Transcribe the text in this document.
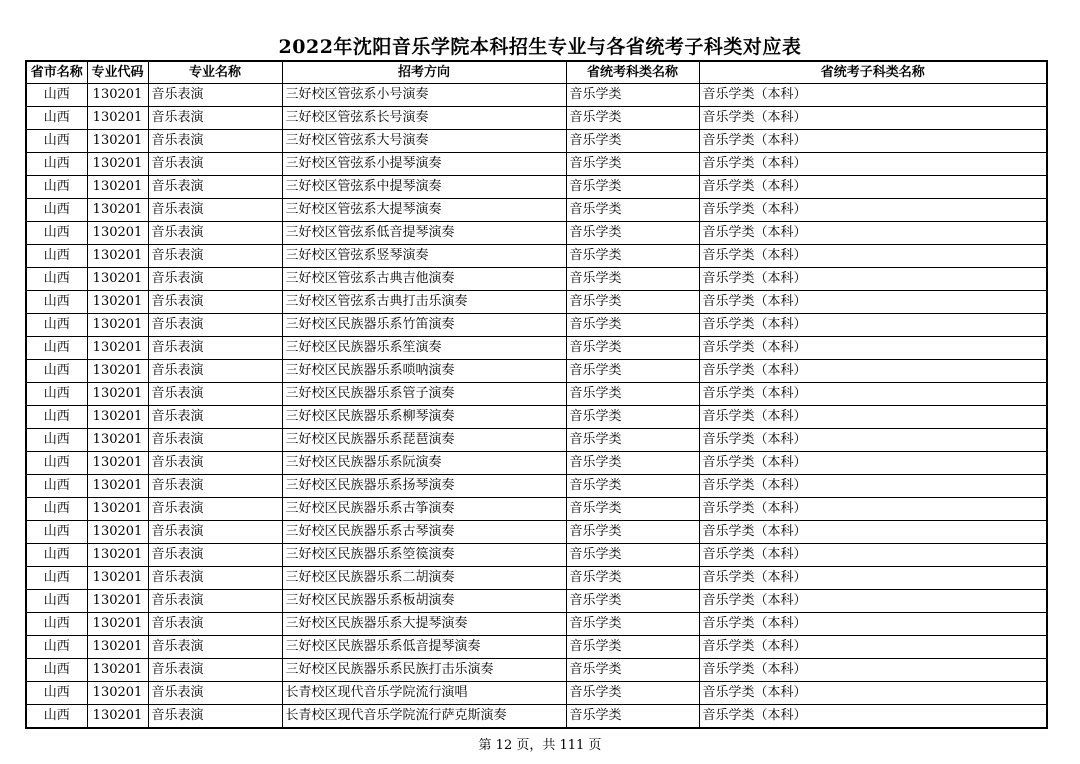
2022年沈阳音乐学院本科招生专业与各省统考子科类对应表
省市名称	专业代码	专业名称	招考方向	省统考科类名称	省统考子科类名称
山西	130201	音乐表演	三好校区管弦系小号演奏	音乐学类	音乐学类（本科）
山西	130201	音乐表演	三好校区管弦系长号演奏	音乐学类	音乐学类（本科）
山西	130201	音乐表演	三好校区管弦系大号演奏	音乐学类	音乐学类（本科）
山西	130201	音乐表演	三好校区管弦系小提琴演奏	音乐学类	音乐学类（本科）
山西	130201	音乐表演	三好校区管弦系中提琴演奏	音乐学类	音乐学类（本科）
山西	130201	音乐表演	三好校区管弦系大提琴演奏	音乐学类	音乐学类（本科）
山西	130201	音乐表演	三好校区管弦系低音提琴演奏	音乐学类	音乐学类（本科）
山西	130201	音乐表演	三好校区管弦系竖琴演奏	音乐学类	音乐学类（本科）
山西	130201	音乐表演	三好校区管弦系古典吉他演奏	音乐学类	音乐学类（本科）
山西	130201	音乐表演	三好校区管弦系古典打击乐演奏	音乐学类	音乐学类（本科）
山西	130201	音乐表演	三好校区民族器乐系竹笛演奏	音乐学类	音乐学类（本科）
山西	130201	音乐表演	三好校区民族器乐系笙演奏	音乐学类	音乐学类（本科）
山西	130201	音乐表演	三好校区民族器乐系唢呐演奏	音乐学类	音乐学类（本科）
山西	130201	音乐表演	三好校区民族器乐系管子演奏	音乐学类	音乐学类（本科）
山西	130201	音乐表演	三好校区民族器乐系柳琴演奏	音乐学类	音乐学类（本科）
山西	130201	音乐表演	三好校区民族器乐系琵琶演奏	音乐学类	音乐学类（本科）
山西	130201	音乐表演	三好校区民族器乐系阮演奏	音乐学类	音乐学类（本科）
山西	130201	音乐表演	三好校区民族器乐系扬琴演奏	音乐学类	音乐学类（本科）
山西	130201	音乐表演	三好校区民族器乐系古筝演奏	音乐学类	音乐学类（本科）
山西	130201	音乐表演	三好校区民族器乐系古琴演奏	音乐学类	音乐学类（本科）
山西	130201	音乐表演	三好校区民族器乐系箜篌演奏	音乐学类	音乐学类（本科）
山西	130201	音乐表演	三好校区民族器乐系二胡演奏	音乐学类	音乐学类（本科）
山西	130201	音乐表演	三好校区民族器乐系板胡演奏	音乐学类	音乐学类（本科）
山西	130201	音乐表演	三好校区民族器乐系大提琴演奏	音乐学类	音乐学类（本科）
山西	130201	音乐表演	三好校区民族器乐系低音提琴演奏	音乐学类	音乐学类（本科）
山西	130201	音乐表演	三好校区民族器乐系民族打击乐演奏	音乐学类	音乐学类（本科）
山西	130201	音乐表演	长青校区现代音乐学院流行演唱	音乐学类	音乐学类（本科）
山西	130201	音乐表演	长青校区现代音乐学院流行萨克斯演奏	音乐学类	音乐学类（本科）
第 12 页，共 111 页
